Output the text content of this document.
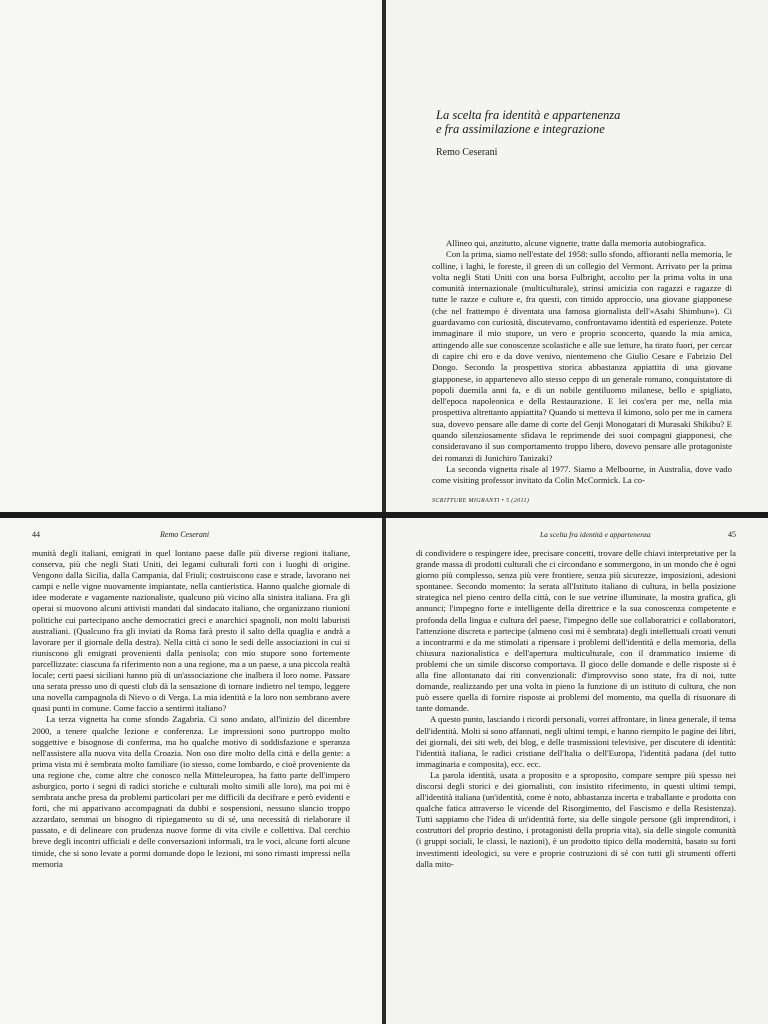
La scelta fra identità e appartenenza
e fra assimilazione e integrazione
Remo Ceserani

Allineo qui, anzitutto, alcune vignette, tratte dalla memoria autobiografica.

Con la prima, siamo nell'estate del 1958: sullo sfondo, affioranti nella memoria, le colline, i laghi, le foreste, il green di un collegio del Vermont. Arrivato per la prima volta negli Stati Uniti con una borsa Fulbright, accolto per la prima volta in una comunità internazionale (multiculturale), strinsi amicizia con ragazzi e ragazze di tutte le razze e culture e, fra questi, con timido approccio, una giovane giapponese (che nel frattempo è diventata una famosa giornalista dell'«Asahi Shimbun»). Ci guardavamo con curiosità, discutevamo, confrontavamo identità ed esperienze. Potete immaginare il mio stupore, un vero e proprio sconcerto, quando la mia amica, attingendo alle sue conoscenze scolastiche e alle sue letture, ha tirato fuori, per cercar di capire chi ero e da dove venivo, nientemeno che Giulio Cesare e Fabrizio Del Dongo. Secondo la prospettiva storica abbastanza appiattita di una giovane giapponese, io appartenevo allo stesso ceppo di un generale romano, conquistatore di popoli duemila anni fa, e di un nobile gentiluomo milanese, bello e spigliato, dell'epoca napoleonica e della Restaurazione. E lei cos'era per me, nella mia prospettiva altrettanto appiattita? Quando si metteva il kimono, solo per me in camera sua, dovevo pensare alle dame di corte del Genji Monogatari di Murasaki Shikibu? E quando silenziosamente sfidava le reprimende dei suoi compagni giapponesi, che consideravano il suo comportamento troppo libero, dovevo pensare alle protagoniste dei romanzi di Junichiro Tanizaki?

La seconda vignetta risale al 1977. Siamo a Melbourne, in Australia, dove vado come visiting professor invitato da Colin McCormick. La co-

SCRITTURE MIGRANTI • 5 (2011)
44	Remo Ceserani

munità degli italiani, emigrati in quel lontano paese dalle più diverse regioni italiane, conserva, più che negli Stati Uniti, dei legami culturali forti con i luoghi di origine. Vengono dalla Sicilia, dalla Campania, dal Friuli; costruiscono case e strade, lavorano nei campi e nelle vigne nuovamente impiantate, nella cantieristica. Hanno qualche giornale di idee moderate e vagamente nazionaliste, qualcuno più vicino alla sinistra italiana. Fra gli operai si muovono alcuni attivisti mandati dal sindacato italiano, che organizzano riunioni politiche cui partecipano anche democratici greci e anarchici spagnoli, non molti laburisti australiani. (Qualcuno fra gli inviati da Roma farà presto il salto della quaglia e andrà a lavorare per il giornale della destra). Nella città ci sono le sedi delle associazioni in cui si riuniscono gli emigrati provenienti dalla penisola; con mio stupore sono fortemente parcellizzate: ciascuna fa riferimento non a una regione, ma a un paese, a una piccola realtà locale; certi paesi siciliani hanno più di un'associazione che inalbera il loro nome. Passare una serata presso uno di questi club dà la sensazione di tornare indietro nel tempo, leggere una novella campagnola di Nievo o di Verga. La mia identità e la loro non sembrano avere quasi punti in comune. Come faccio a sentirmi italiano?

La terza vignetta ha come sfondo Zagabria. Ci sono andato, all'inizio del dicembre 2000, a tenere qualche lezione e conferenza. Le impressioni sono purtroppo molto soggettive e bisognose di conferma, ma ho qualche motivo di soddisfazione e speranza nell'assistere alla nuova vita della Croazia. Non oso dire molto della città e della gente: a prima vista mi è sembrata molto familiare (io stesso, come lombardo, e cioè proveniente da una regione che, come altre che conosco nella Mitteleuropea, ha fatto parte dell'impero asburgico, porto i segni di radici storiche e culturali molto simili alle loro), ma poi mi è sembrata anche presa da problemi particolari per me difficili da decifrare e però evidenti e forti, che mi apparivano accompagnati da dubbi e sospensioni, nessuno slancio troppo azzardato, semmai un bisogno di ripiegamento su di sé, una necessità di rielaborare il passato, e di delineare con prudenza nuove forme di vita civile e collettiva. Dal cerchio breve degli incontri ufficiali e delle conversazioni informali, tra le voci, alcune forti alcune timide, che si sono levate a pormi domande dopo le lezioni, mi sono rimasti impressi nella memoria

La scelta fra identità e appartenenza	45

di condividere o respingere idee, precisare concetti, trovare delle chiavi interpretative per la grande massa di prodotti culturali che ci circondano e sommergono, in un mondo che è ogni giorno più complesso, senza più vere frontiere, senza più sicurezze, imposizioni, adesioni spontanee. Secondo momento: la serata all'Istituto italiano di cultura, in bella posizione strategica nel pieno centro della città, con le sue vetrine illuminate, la mostra grafica, gli annunci; l'impegno forte e intelligente della direttrice e la sua conoscenza competente e profonda della lingua e cultura del paese, l'impegno delle sue collaboratrici e collaboratori, l'attenzione discreta e partecipe (almeno così mi è sembrata) degli intellettuali croati venuti a incontrarmi e da me stimolati a ripensare i problemi dell'identità e della memoria, della chiusura nazionalistica e dell'apertura multiculturale, con il drammatico insieme di problemi che un simile discorso comportava. Il gioco delle domande e delle risposte si è alla fine allontanato dai riti convenzionali: d'improvviso sono state, fra di noi, tutte domande, realizzando per una volta in pieno la funzione di un istituto di cultura, che non può essere quella di fornire risposte ai problemi del momento, ma quella di risuonare di tante domande.

A questo punto, lasciando i ricordi personali, vorrei affrontare, in linea generale, il tema dell'identità. Molti si sono affannati, negli ultimi tempi, e hanno riempito le pagine dei libri, dei giornali, dei siti web, dei blog, e delle trasmissioni televisive, per discutere di identità: l'identità italiana, le radici cristiane dell'Italia o dell'Europa, l'identità padana (del tutto immaginaria e composita), ecc. ecc.

La parola identità, usata a proposito e a sproposito, compare sempre più spesso nei discorsi degli storici e dei giornalisti, con insistito riferimento, in questi ultimi tempi, all'identità italiana (un'identità, come è noto, abbastanza incerta e traballante e prodotta con qualche fatica attraverso le vicende del Risorgimento, del Fascismo e della Resistenza). Tutti sappiamo che l'idea di un'identità forte, sia delle singole persone (gli imprenditori, i costruttori del proprio destino, i protagonisti della propria vita), sia delle singole comunità (i gruppi sociali, le classi, le nazioni), è un prodotto tipico della modernità, basato su forti investimenti ideologici, su vere e proprie costruzioni di sé con tutti gli strumenti offerti dalla mito-
